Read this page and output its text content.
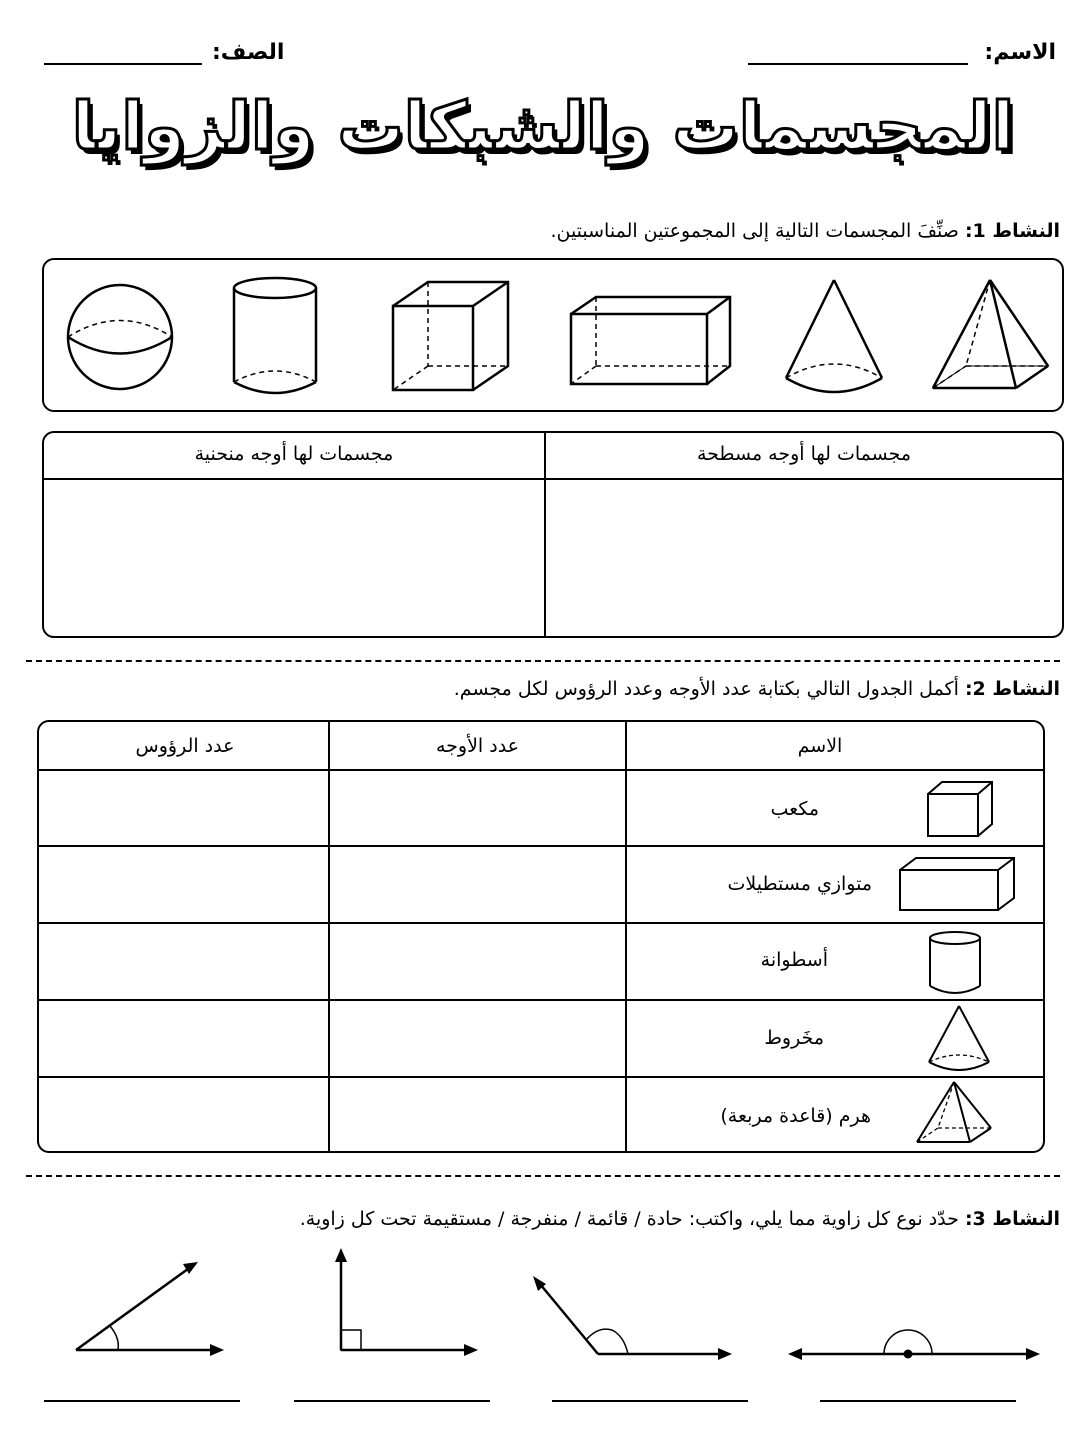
الاسم:
الصف:
المجسمات والشبكات والزوايا
النشاط 1: صنِّفَ المجسمات التالية إلى المجموعتين المناسبتين.
مجسمات لها أوجه مسطحة
مجسمات لها أوجه منحنية
النشاط 2: أكمل الجدول التالي بكتابة عدد الأوجه وعدد الرؤوس لكل مجسم.
الاسم
عدد الأوجه
عدد الرؤوس
مكعب
متوازي مستطيلات
أسطوانة
مخَروط
هرم (قاعدة مربعة)
النشاط 3: حدّد نوع كل زاوية مما يلي، واكتب: حادة / قائمة / منفرجة / مستقيمة تحت كل زاوية.
